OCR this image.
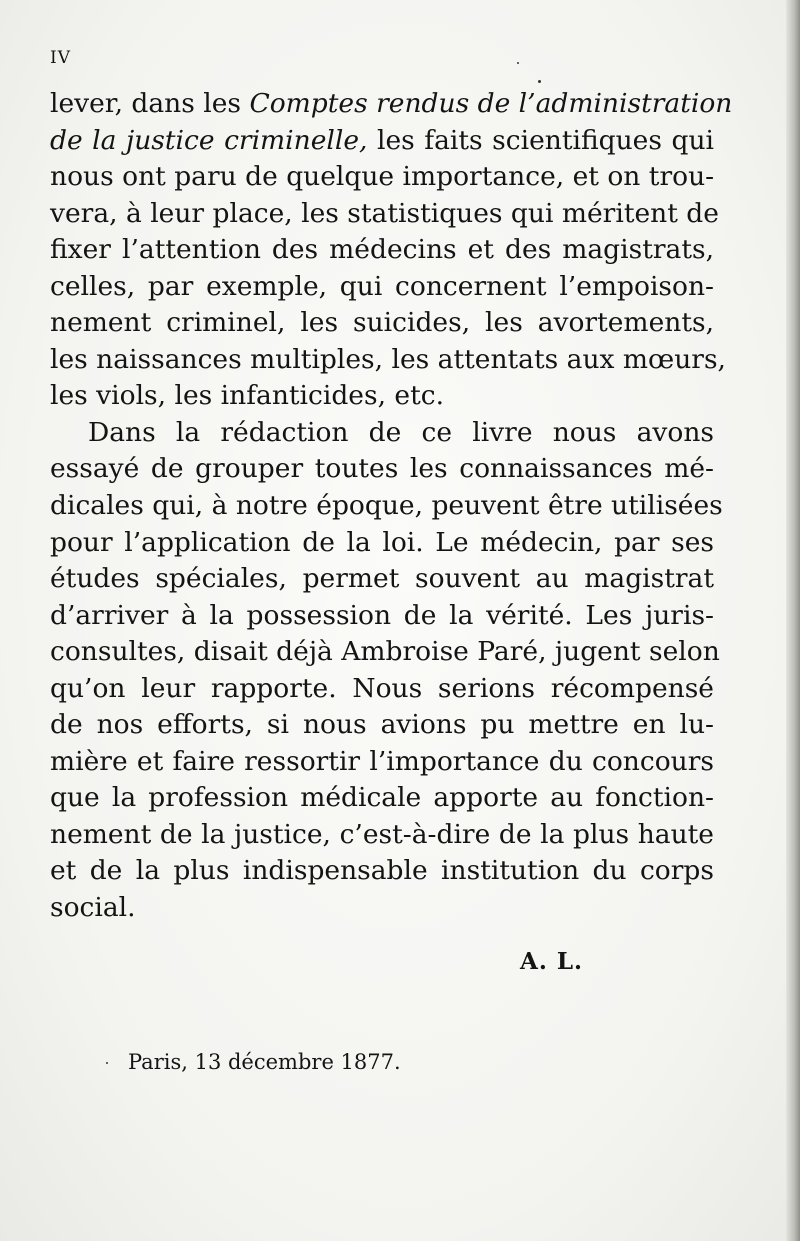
IV
lever, dans les Comptes rendus de l’administration
de la justice criminelle, les faits scientifiques qui
nous ont paru de quelque importance, et on trou-
vera, à leur place, les statistiques qui méritent de
fixer l’attention des médecins et des magistrats,
celles, par exemple, qui concernent l’empoison-
nement criminel, les suicides, les avortements,
les naissances multiples, les attentats aux mœurs,
les viols, les infanticides, etc.
Dans la rédaction de ce livre nous avons
essayé de grouper toutes les connaissances mé-
dicales qui, à notre époque, peuvent être utilisées
pour l’application de la loi. Le médecin, par ses
études spéciales, permet souvent au magistrat
d’arriver à la possession de la vérité. Les juris-
consultes, disait déjà Ambroise Paré, jugent selon
qu’on leur rapporte. Nous serions récompensé
de nos efforts, si nous avions pu mettre en lu-
mière et faire ressortir l’importance du concours
que la profession médicale apporte au fonction-
nement de la justice, c’est-à-dire de la plus haute
et de la plus indispensable institution du corps
social.
A. L.
Paris, 13 décembre 1877.
